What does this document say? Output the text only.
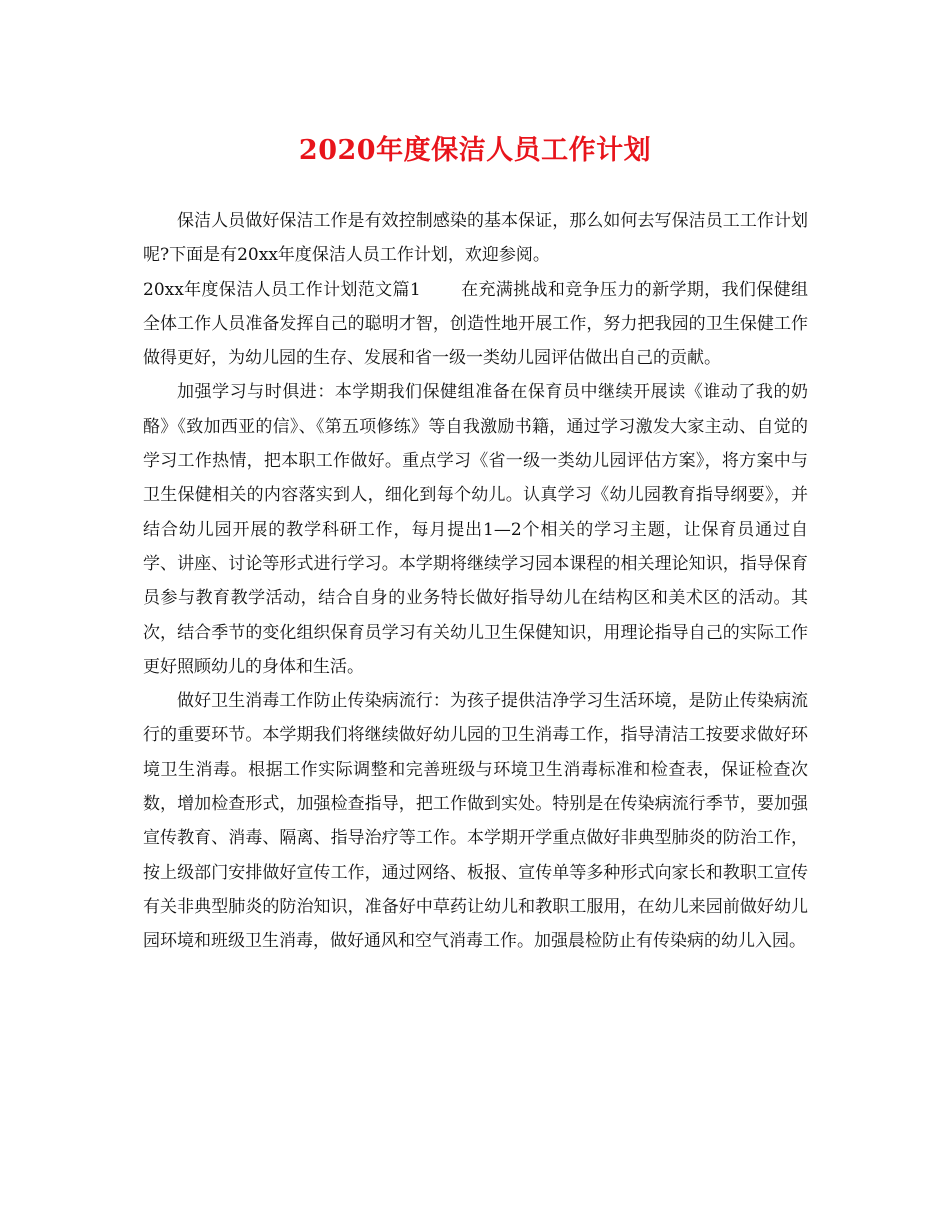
2020年度保洁人员工作计划

保洁人员做好保洁工作是有效控制感染的基本保证，那么如何去写保洁员工工作计划呢?下面是有20xx年度保洁人员工作计划，欢迎参阅。

20xx年度保洁人员工作计划范文篇1 在充满挑战和竞争压力的新学期，我们保健组全体工作人员准备发挥自己的聪明才智，创造性地开展工作，努力把我园的卫生保健工作做得更好，为幼儿园的生存、发展和省一级一类幼儿园评估做出自己的贡献。

加强学习与时俱进：本学期我们保健组准备在保育员中继续开展读《谁动了我的奶酪》《致加西亚的信》、《第五项修练》等自我激励书籍，通过学习激发大家主动、自觉的学习工作热情，把本职工作做好。重点学习《省一级一类幼儿园评估方案》，将方案中与卫生保健相关的内容落实到人，细化到每个幼儿。认真学习《幼儿园教育指导纲要》，并结合幼儿园开展的教学科研工作，每月提出1—2个相关的学习主题，让保育员通过自学、讲座、讨论等形式进行学习。本学期将继续学习园本课程的相关理论知识，指导保育员参与教育教学活动，结合自身的业务特长做好指导幼儿在结构区和美术区的活动。其次，结合季节的变化组织保育员学习有关幼儿卫生保健知识，用理论指导自己的实际工作更好照顾幼儿的身体和生活。

做好卫生消毒工作防止传染病流行：为孩子提供洁净学习生活环境，是防止传染病流行的重要环节。本学期我们将继续做好幼儿园的卫生消毒工作，指导清洁工按要求做好环境卫生消毒。根据工作实际调整和完善班级与环境卫生消毒标准和检查表，保证检查次数，增加检查形式，加强检查指导，把工作做到实处。特别是在传染病流行季节，要加强宣传教育、消毒、隔离、指导治疗等工作。本学期开学重点做好非典型肺炎的防治工作，按上级部门安排做好宣传工作，通过网络、板报、宣传单等多种形式向家长和教职工宣传有关非典型肺炎的防治知识，准备好中草药让幼儿和教职工服用，在幼儿来园前做好幼儿园环境和班级卫生消毒，做好通风和空气消毒工作。加强晨检防止有传染病的幼儿入园。
